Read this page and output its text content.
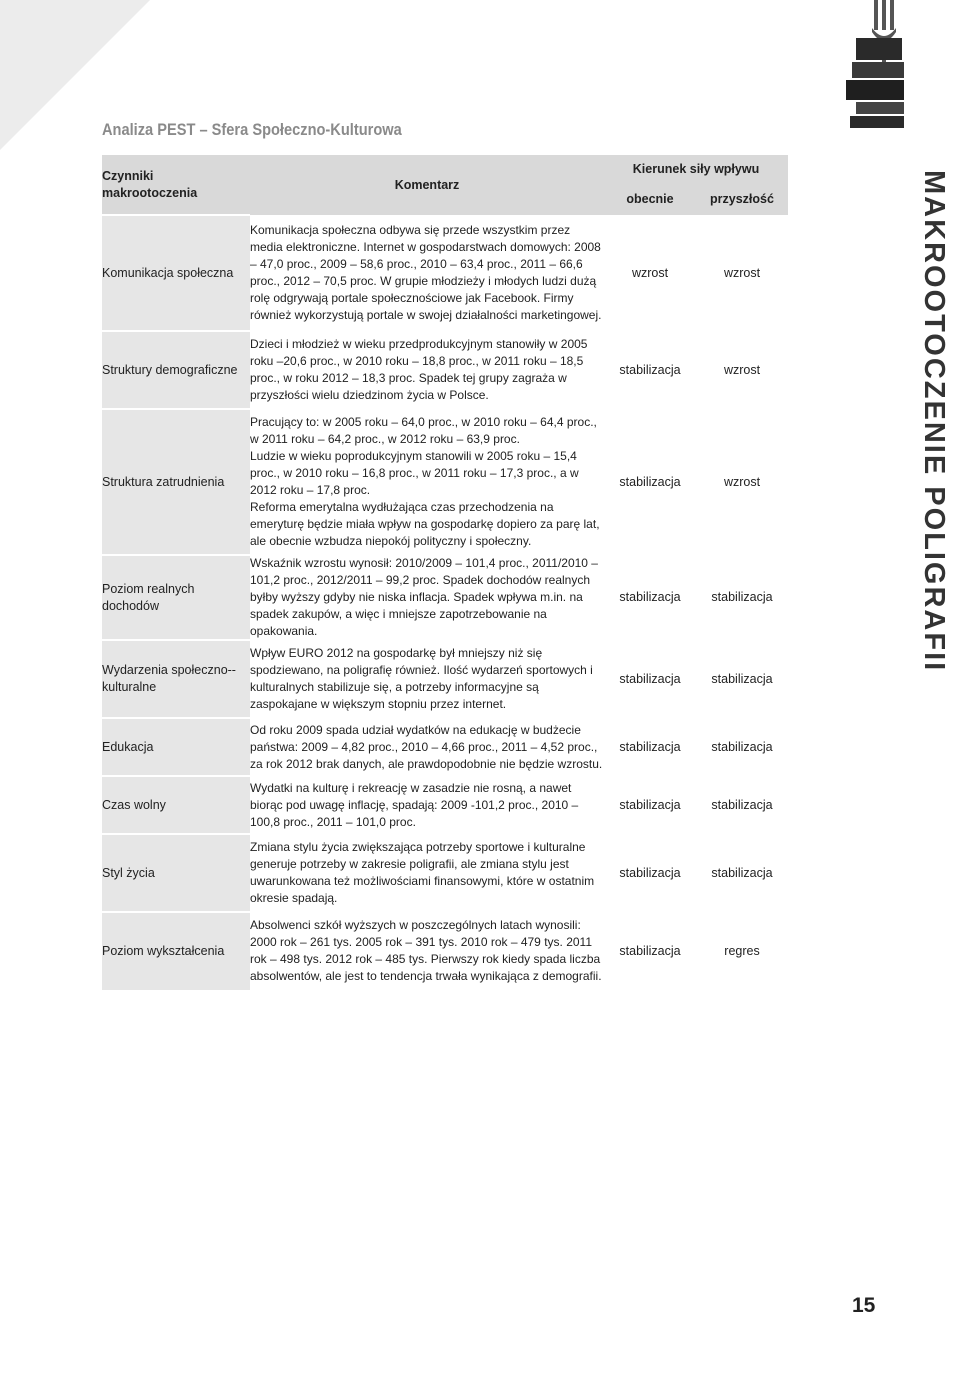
Analiza PEST – Sfera Społeczno-Kulturowa
MAKROOTOCZENIE POLIGRAFII
Czynniki makrootoczenia	Komentarz	Kierunek siły wpływu	
		obecnie	przyszłość
Komunikacja społeczna	Komunikacja społeczna odbywa się przede wszystkim przez media elektroniczne. Internet w gospodarstwach domowych: 2008 – 47,0 proc., 2009 – 58,6 proc., 2010 – 63,4 proc., 2011 – 66,6 proc., 2012 – 70,5 proc. W grupie młodzieży i młodych ludzi dużą rolę odgrywają portale społecznościowe jak Facebook. Firmy również wykorzystują portale w swojej działalności marketingowej.	wzrost	wzrost
Struktury demograficzne	Dzieci i młodzież w wieku przedprodukcyjnym stanowiły w 2005 roku –20,6 proc., w 2010 roku – 18,8 proc., w 2011 roku – 18,5 proc., w roku 2012 – 18,3 proc. Spadek tej grupy zagraża w przyszłości wielu dziedzinom życia w Polsce.	stabilizacja	wzrost
Struktura zatrudnienia	Pracujący to: w 2005 roku – 64,0 proc., w 2010 roku – 64,4 proc., w 2011 roku – 64,2 proc., w 2012 roku – 63,9 proc.
Ludzie w wieku poprodukcyjnym stanowili w 2005 roku – 15,4 proc., w 2010 roku – 16,8 proc., w 2011 roku – 17,3 proc., a w 2012 roku – 17,8 proc.
Reforma emerytalna wydłużająca czas przechodzenia na emeryturę będzie miała wpływ na gospodarkę dopiero za parę lat, ale obecnie wzbudza niepokój polityczny i społeczny.	stabilizacja	wzrost
Poziom realnych dochodów	Wskaźnik wzrostu wynosił: 2010/2009 – 101,4 proc., 2011/2010 – 101,2 proc., 2012/2011 – 99,2 proc. Spadek dochodów realnych byłby wyższy gdyby nie niska inflacja. Spadek wpływa m.in. na spadek zakupów, a więc i mniejsze zapotrzebowanie na opakowania.	stabilizacja	stabilizacja
Wydarzenia społeczno--kulturalne	Wpływ EURO 2012 na gospodarkę był mniejszy niż się spodziewano, na poligrafię również. Ilość wydarzeń sportowych i kulturalnych stabilizuje się, a potrzeby informacyjne są zaspokajane w większym stopniu przez internet.	stabilizacja	stabilizacja
Edukacja	Od roku 2009 spada udział wydatków na edukację w budżecie państwa: 2009 – 4,82 proc., 2010 – 4,66 proc., 2011 – 4,52 proc., za rok 2012 brak danych, ale prawdopodobnie nie będzie wzrostu.	stabilizacja	stabilizacja
Czas wolny	Wydatki na kulturę i rekreację w zasadzie nie rosną, a nawet biorąc pod uwagę inflację, spadają: 2009 -101,2 proc., 2010 – 100,8 proc., 2011 – 101,0 proc.	stabilizacja	stabilizacja
Styl życia	Zmiana stylu życia zwiększająca potrzeby sportowe i kulturalne generuje potrzeby w zakresie poligrafii, ale zmiana stylu jest uwarunkowana też możliwościami finansowymi, które w ostatnim okresie spadają.	stabilizacja	stabilizacja
Poziom wykształcenia	Absolwenci szkół wyższych w poszczególnych latach wynosili: 2000 rok – 261 tys. 2005 rok – 391 tys. 2010 rok – 479 tys. 2011 rok – 498 tys. 2012 rok – 485 tys. Pierwszy rok kiedy spada liczba absolwentów, ale jest to tendencja trwała wynikająca z demografii.	stabilizacja	regres
15
